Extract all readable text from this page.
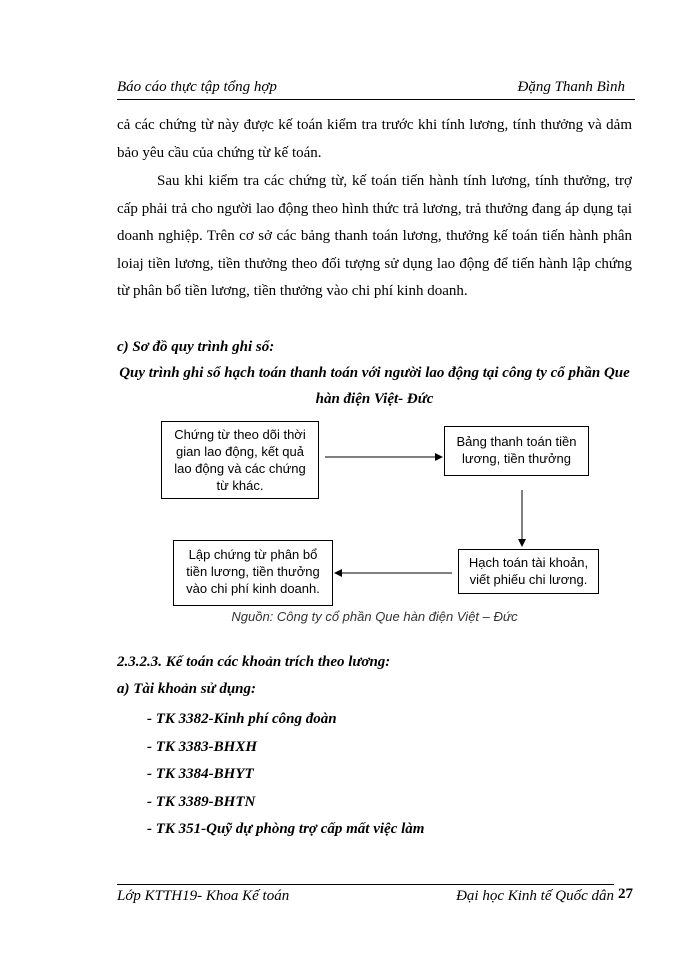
Báo cáo thực tập tổng hợp	Đặng Thanh Bình
cả các chứng từ này được kế toán kiểm tra trước khi tính lương, tính thưởng và dảm bảo yêu cầu của chứng từ kế toán.
Sau khi kiểm tra các chứng từ, kế toán tiến hành tính lương, tính thưởng, trợ cấp phải trả cho người lao động theo hình thức trả lương, trả thưởng đang áp dụng tại doanh nghiệp. Trên cơ sở các bảng thanh toán lương, thưởng kế toán tiến hành phân loiaj tiền lương, tiền thưởng theo đối tượng sử dụng lao động để tiến hành lập chứng từ phân bổ tiền lương, tiền thưởng vào chi phí kinh doanh.
c) Sơ đồ quy trình ghi sổ:
Quy trình ghi sổ hạch toán thanh toán với người lao động tại công ty cổ phần Que hàn điện Việt- Đức
Chứng từ theo dõi thời gian lao động, kết quả lao động và các chứng từ khác.
Bảng thanh toán tiền lương, tiền thưởng
Hạch toán tài khoản, viết phiếu chi lương.
Lập chứng từ phân bổ tiền lương, tiền thưởng vào chi phí kinh doanh.
Nguồn: Công ty cổ phần Que hàn điện Việt – Đức
2.3.2.3. Kế toán các khoản trích theo lương:
a) Tài khoản sử dụng:
- TK 3382-Kinh phí công đoàn
- TK 3383-BHXH
- TK 3384-BHYT
- TK 3389-BHTN
- TK 351-Quỹ dự phòng trợ cấp mất việc làm
Lớp KTTH19- Khoa Kế toán	Đại học Kinh tế Quốc dân 27
